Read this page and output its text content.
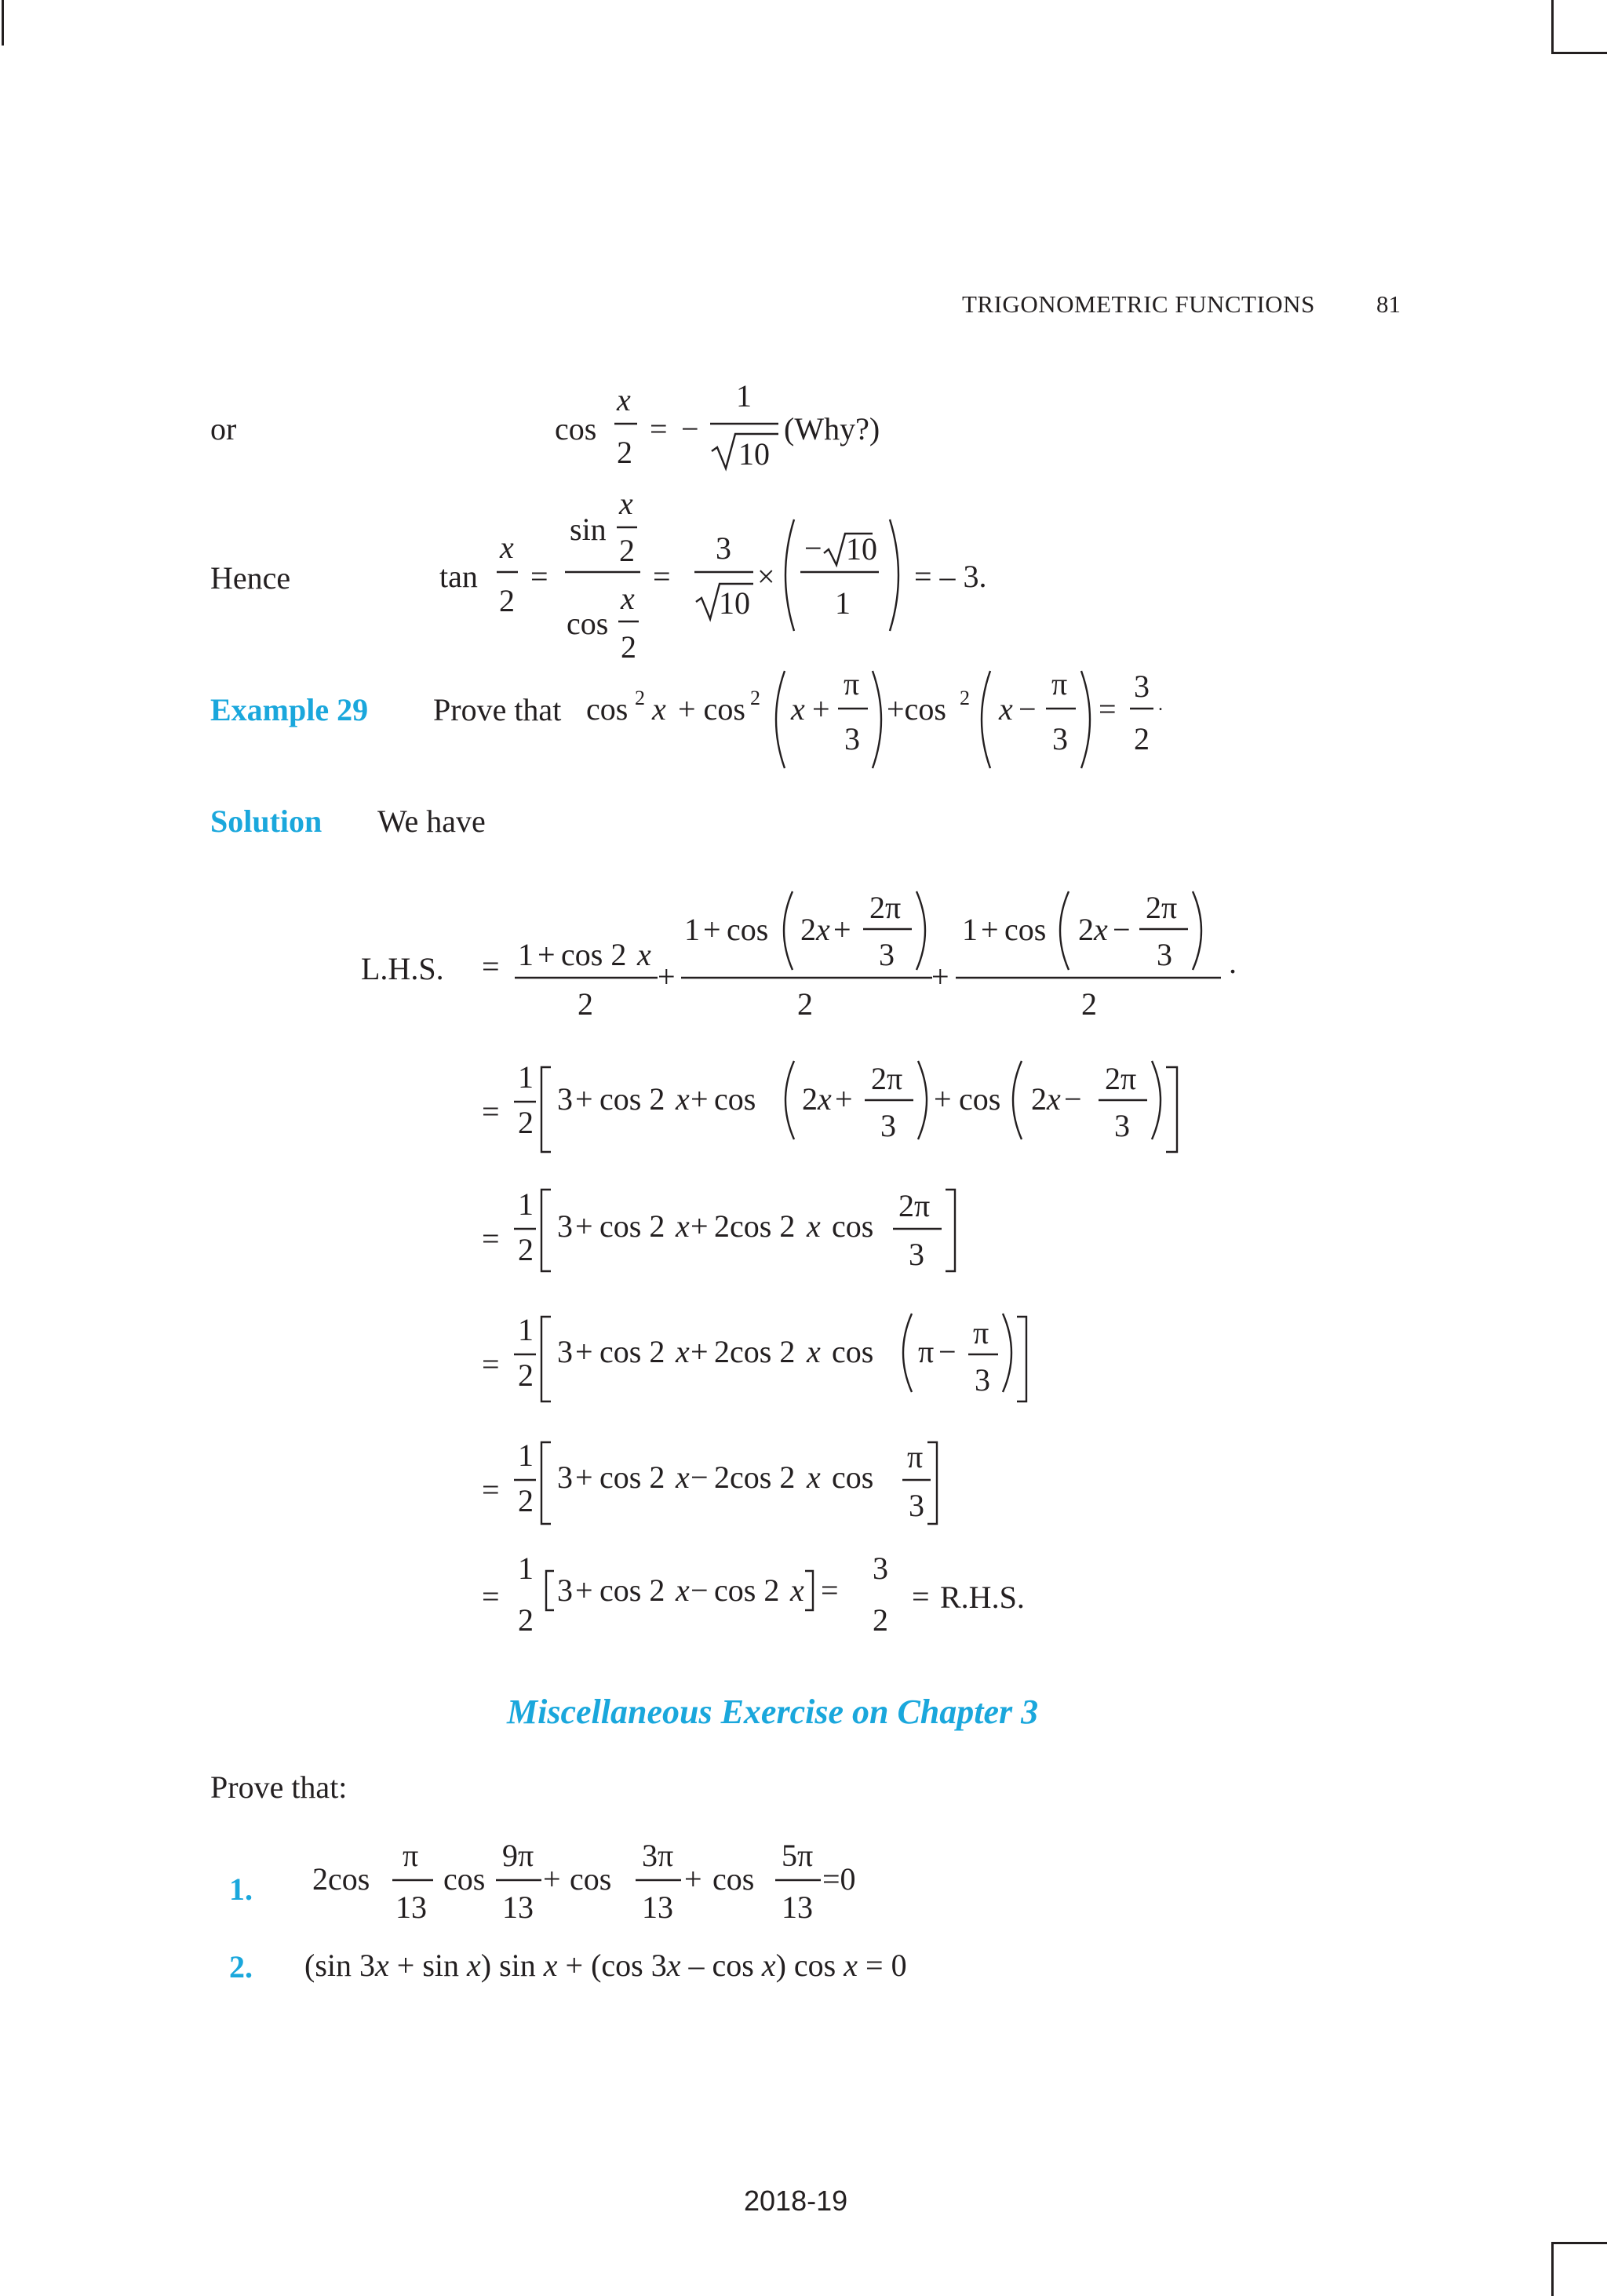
TRIGONOMETRIC FUNCTIONS	81
or	(Why?)
Hence
Example 29 Prove that
Solution We have
L.H.S.
R.H.S.
Miscellaneous Exercise on Chapter 3
Prove that:
1.
2.
2018-19
cos
x
2
= −
1
10
tan
x
2
=
sin
x
2
cos
x
2
=
3
10
×
− 10
1
= – 3.
cos 2 x + cos 2 x +
π
3
+cos 2 x −
π
3
=
3
2
.
= 1 + cos 2 x
2
+
1 + cos 2 x +
2π
3
2
+
1 + cos 2 x −
2π
3
2
.
=
1
2
3 + cos 2 x + cos 2 x +
2π
3
+ cos 2 x −
2π
3
=
1
2
3 + cos 2 x + 2cos 2 x cos
2π
3
=
1
2
3 + cos 2 x + 2cos 2 x cos π −
π
3
=
1
2
3 + cos 2 x − 2cos 2 x cos
π
3
=
1
2
3 + cos 2 x − cos 2 x =
3
2
=
2cos
π
13
cos
9π
13
+ cos
3π
13
+ cos
5π
13
=0
(sin 3x + sin x) sin x + (cos 3x – cos x) cos x = 0
